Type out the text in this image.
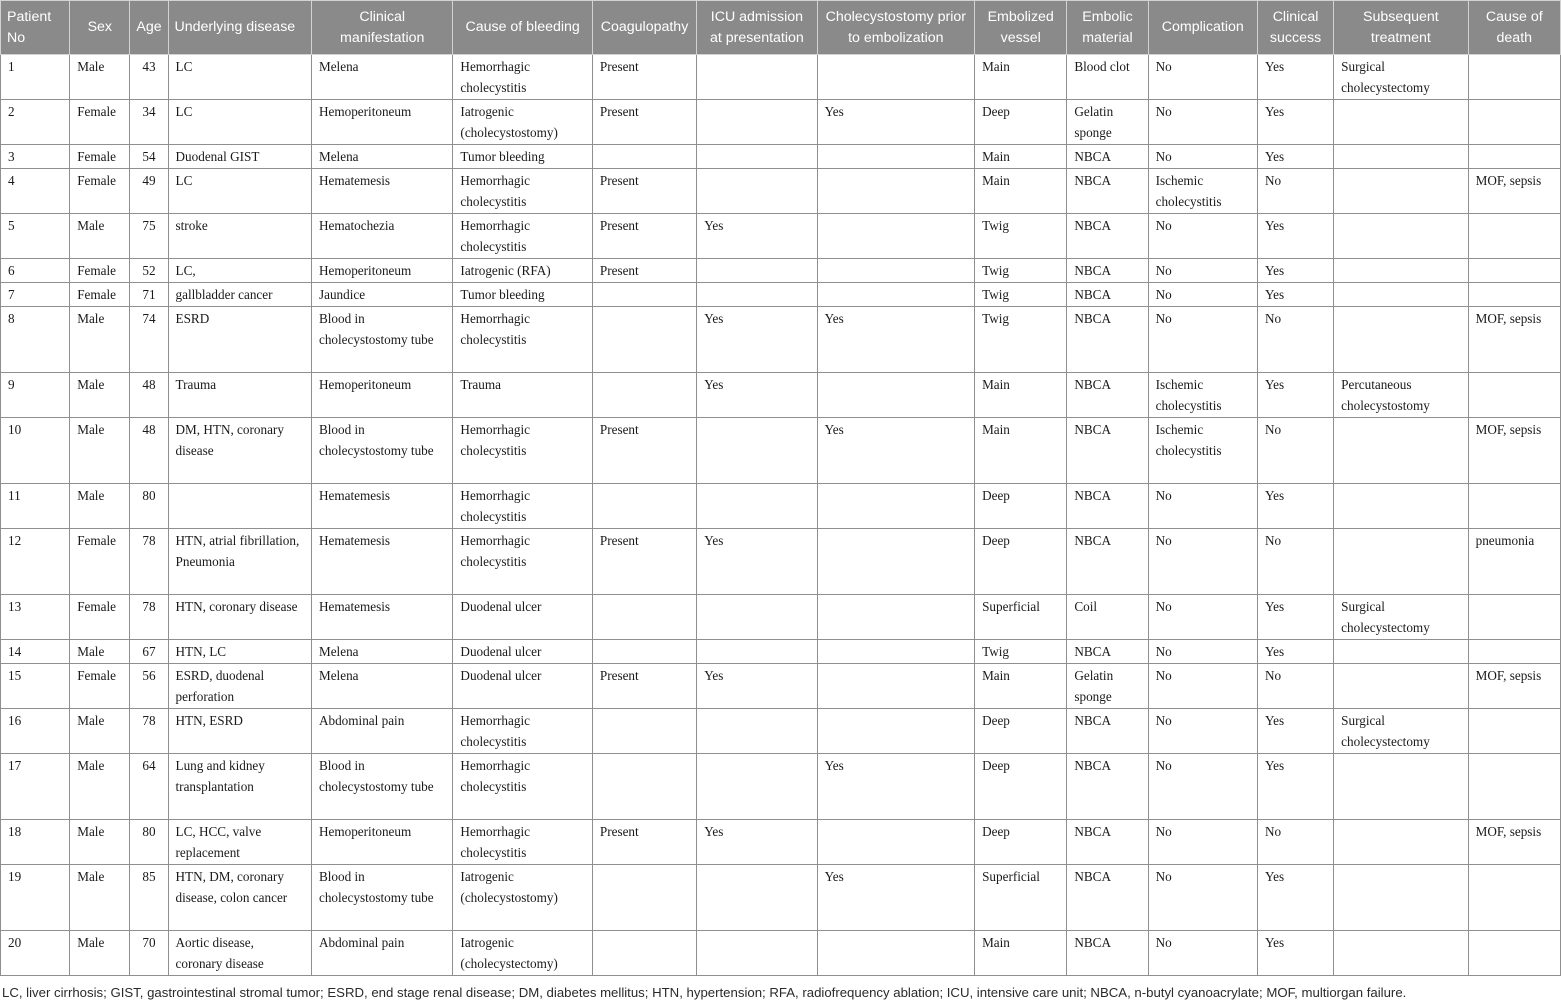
Patient No	Sex	Age	Underlying disease	Clinical manifestation	Cause of bleeding	Coagulopathy	ICU admission at presentation	Cholecystostomy prior to embolization	Embolized vessel	Embolic material	Complication	Clinical success	Subsequent treatment	Cause of death
1	Male	43	LC	Melena	Hemorrhagic cholecystitis	Present			Main	Blood clot	No	Yes	Surgical cholecystectomy	
2	Female	34	LC	Hemoperitoneum	Iatrogenic (cholecystostomy)	Present		Yes	Deep	Gelatin sponge	No	Yes		
3	Female	54	Duodenal GIST	Melena	Tumor bleeding				Main	NBCA	No	Yes		
4	Female	49	LC	Hematemesis	Hemorrhagic cholecystitis	Present			Main	NBCA	Ischemic cholecystitis	No		MOF, sepsis
5	Male	75	stroke	Hematochezia	Hemorrhagic cholecystitis	Present	Yes		Twig	NBCA	No	Yes		
6	Female	52	LC,	Hemoperitoneum	Iatrogenic (RFA)	Present			Twig	NBCA	No	Yes		
7	Female	71	gallbladder cancer	Jaundice	Tumor bleeding				Twig	NBCA	No	Yes		
8	Male	74	ESRD	Blood in cholecystostomy tube	Hemorrhagic cholecystitis		Yes	Yes	Twig	NBCA	No	No		MOF, sepsis
9	Male	48	Trauma	Hemoperitoneum	Trauma		Yes		Main	NBCA	Ischemic cholecystitis	Yes	Percutaneous cholecystostomy	
10	Male	48	DM, HTN, coronary disease	Blood in cholecystostomy tube	Hemorrhagic cholecystitis	Present		Yes	Main	NBCA	Ischemic cholecystitis	No		MOF, sepsis
11	Male	80		Hematemesis	Hemorrhagic cholecystitis				Deep	NBCA	No	Yes		
12	Female	78	HTN, atrial fibrillation, Pneumonia	Hematemesis	Hemorrhagic cholecystitis	Present	Yes		Deep	NBCA	No	No		pneumonia
13	Female	78	HTN, coronary disease	Hematemesis	Duodenal ulcer				Superficial	Coil	No	Yes	Surgical cholecystectomy	
14	Male	67	HTN, LC	Melena	Duodenal ulcer				Twig	NBCA	No	Yes		
15	Female	56	ESRD, duodenal perforation	Melena	Duodenal ulcer	Present	Yes		Main	Gelatin sponge	No	No		MOF, sepsis
16	Male	78	HTN, ESRD	Abdominal pain	Hemorrhagic cholecystitis				Deep	NBCA	No	Yes	Surgical cholecystectomy	
17	Male	64	Lung and kidney transplantation	Blood in cholecystostomy tube	Hemorrhagic cholecystitis			Yes	Deep	NBCA	No	Yes		
18	Male	80	LC, HCC, valve replacement	Hemoperitoneum	Hemorrhagic cholecystitis	Present	Yes		Deep	NBCA	No	No		MOF, sepsis
19	Male	85	HTN, DM, coronary disease, colon cancer	Blood in cholecystostomy tube	Iatrogenic (cholecystostomy)			Yes	Superficial	NBCA	No	Yes		
20	Male	70	Aortic disease, coronary disease	Abdominal pain	Iatrogenic (cholecystectomy)				Main	NBCA	No	Yes		
LC, liver cirrhosis; GIST, gastrointestinal stromal tumor; ESRD, end stage renal disease; DM, diabetes mellitus; HTN, hypertension; RFA, radiofrequency ablation; ICU, intensive care unit; NBCA, n-butyl cyanoacrylate; MOF, multiorgan failure.
